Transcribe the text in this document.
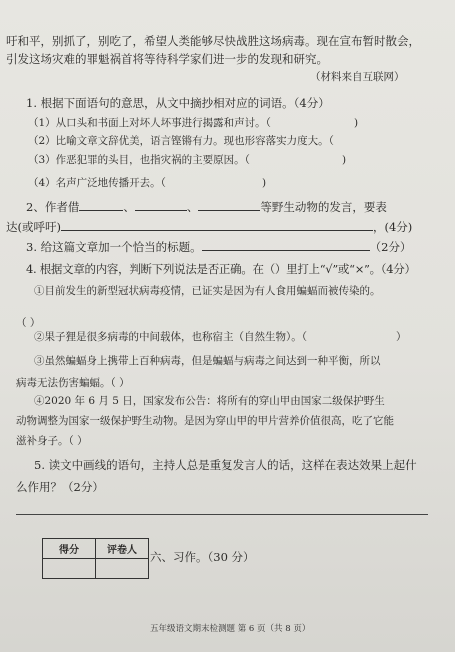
吁和平，别抓了，别吃了，希望人类能够尽快战胜这场病毒。现在宣布暂时散会，
引发这场灾难的罪魁祸首将等待科学家们进一步的发现和研究。
（材料来自互联网）
1. 根据下面语句的意思，从文中摘抄相对应的词语。（4分）
（1）从口头和书面上对坏人坏事进行揭露和声讨。（	)
（2）比喻文章文辞优美，语言铿锵有力。现也形容落实力度大。（
（3）作恶犯罪的头目，也指灾祸的主要原因。（	)
（4）名声广泛地传播开去。（	)
2、作者借	、	、	等野生动物的发言，要表
达(或呼吁)	，(4分)
3. 给这篇文章加一个恰当的标题。	（2分）
4. 根据文章的内容，判断下列说法是否正确。在（）里打上“√”或“×”。（4分）
①目前发生的新型冠状病毒疫情，已证实是因为有人食用蝙蝠而被传染的。
（ ）
②果子狸是很多病毒的中间载体，也称宿主（自然生物）。（	）
③虽然蝙蝠身上携带上百种病毒，但是蝙蝠与病毒之间达到一种平衡，所以
病毒无法伤害蝙蝠。（ ）
④2020 年 6 月 5 日，国家发布公告：将所有的穿山甲由国家二级保护野生
动物调整为国家一级保护野生动物。是因为穿山甲的甲片营养价值很高，吃了它能
滋补身子。（ ）
5. 读文中画线的语句，主持人总是重复发言人的话，这样在表达效果上起什
么作用？（2分）
得分	评卷人
	六、习作。（30 分）
五年级语文期末检测题 第 6 页（共 8 页）
